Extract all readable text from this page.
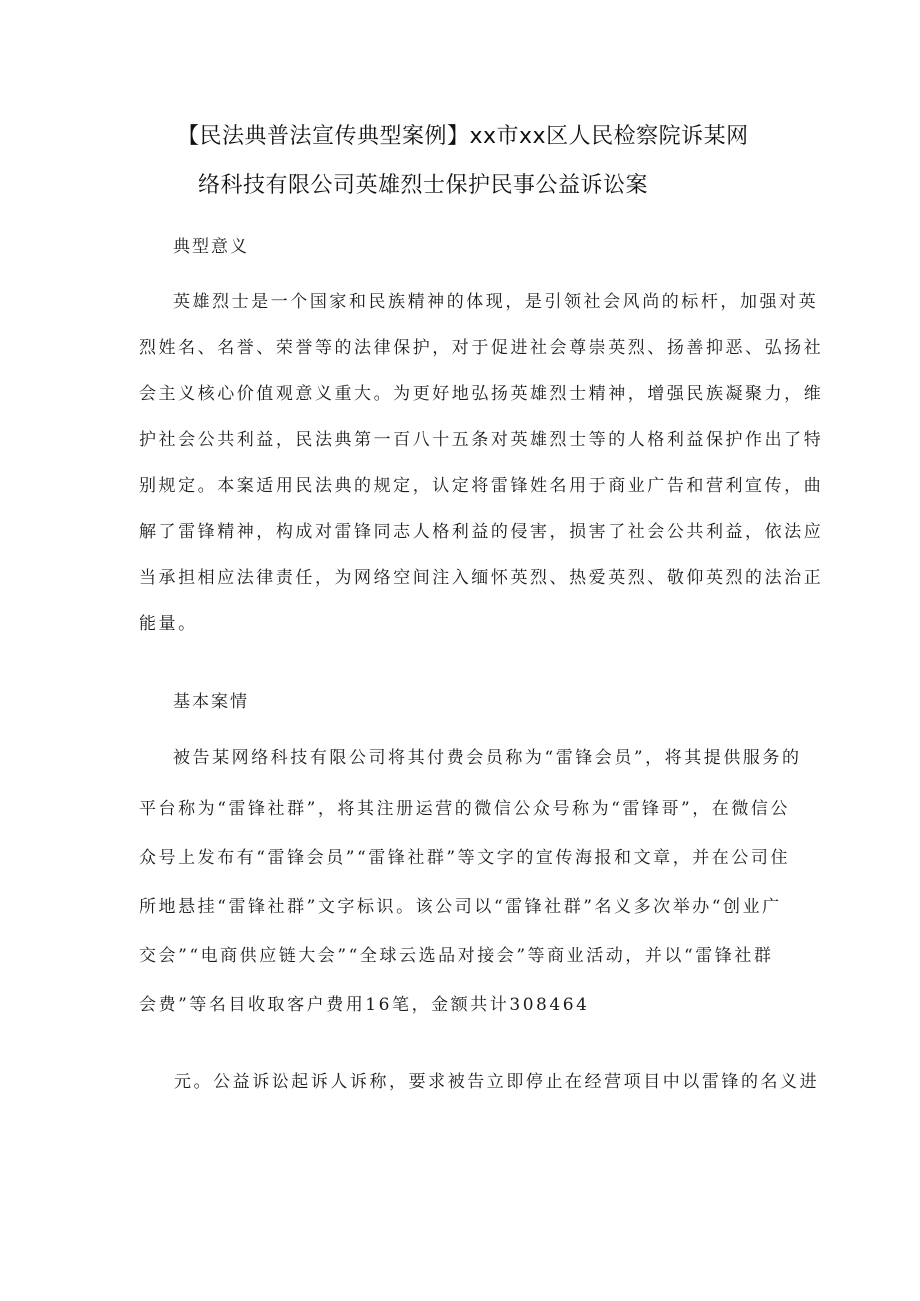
【民法典普法宣传典型案例】xx市xx区人民检察院诉某网
络科技有限公司英雄烈士保护民事公益诉讼案
典型意义
英雄烈士是一个国家和民族精神的体现，是引领社会风尚的标杆，加强对英
烈姓名、名誉、荣誉等的法律保护，对于促进社会尊崇英烈、扬善抑恶、弘扬社
会主义核心价值观意义重大。为更好地弘扬英雄烈士精神，增强民族凝聚力，维
护社会公共利益，民法典第一百八十五条对英雄烈士等的人格利益保护作出了特
别规定。本案适用民法典的规定，认定将雷锋姓名用于商业广告和营利宣传，曲
解了雷锋精神，构成对雷锋同志人格利益的侵害，损害了社会公共利益，依法应
当承担相应法律责任，为网络空间注入缅怀英烈、热爱英烈、敬仰英烈的法治正
能量。
基本案情
被告某网络科技有限公司将其付费会员称为“雷锋会员”，将其提供服务的
平台称为“雷锋社群”，将其注册运营的微信公众号称为“雷锋哥”，在微信公
众号上发布有“雷锋会员”“雷锋社群”等文字的宣传海报和文章，并在公司住
所地悬挂“雷锋社群”文字标识。该公司以“雷锋社群”名义多次举办“创业广
交会”“电商供应链大会”“全球云选品对接会”等商业活动，并以“雷锋社群
会费”等名目收取客户费用16笔，金额共计308464
元。公益诉讼起诉人诉称，要求被告立即停止在经营项目中以雷锋的名义进
